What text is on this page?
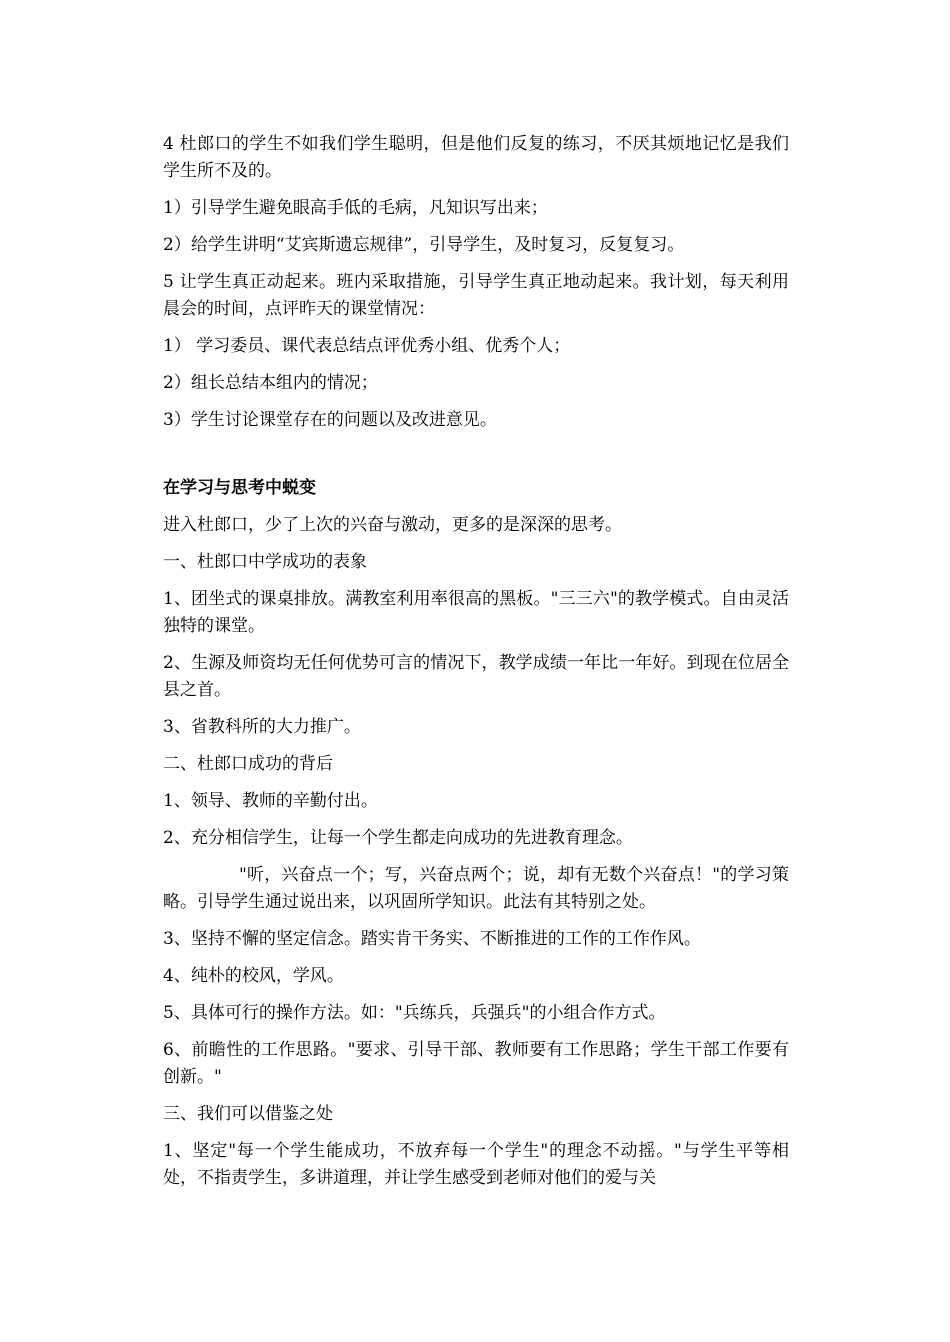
4 杜郎口的学生不如我们学生聪明，但是他们反复的练习，不厌其烦地记忆是我们学生所不及的。

1）引导学生避免眼高手低的毛病，凡知识写出来；

2）给学生讲明“艾宾斯遗忘规律”，引导学生，及时复习，反复复习。

5 让学生真正动起来。班内采取措施，引导学生真正地动起来。我计划，每天利用晨会的时间，点评昨天的课堂情况：

1） 学习委员、课代表总结点评优秀小组、优秀个人；

2）组长总结本组内的情况；

3）学生讨论课堂存在的问题以及改进意见。

在学习与思考中蜕变

进入杜郎口，少了上次的兴奋与激动，更多的是深深的思考。

一、杜郎口中学成功的表象

1、团坐式的课桌排放。满教室利用率很高的黑板。"三三六"的教学模式。自由灵活独特的课堂。

2、生源及师资均无任何优势可言的情况下，教学成绩一年比一年好。到现在位居全县之首。

3、省教科所的大力推广。

二、杜郎口成功的背后

1、领导、教师的辛勤付出。

2、充分相信学生，让每一个学生都走向成功的先进教育理念。

"听，兴奋点一个；写，兴奋点两个；说，却有无数个兴奋点！"的学习策略。引导学生通过说出来，以巩固所学知识。此法有其特别之处。

3、坚持不懈的坚定信念。踏实肯干务实、不断推进的工作的工作作风。

4、纯朴的校风，学风。

5、具体可行的操作方法。如："兵练兵，兵强兵"的小组合作方式。

6、前瞻性的工作思路。"要求、引导干部、教师要有工作思路；学生干部工作要有创新。"

三、我们可以借鉴之处

1、坚定"每一个学生能成功，不放弃每一个学生"的理念不动摇。"与学生平等相处，不指责学生，多讲道理，并让学生感受到老师对他们的爱与关
